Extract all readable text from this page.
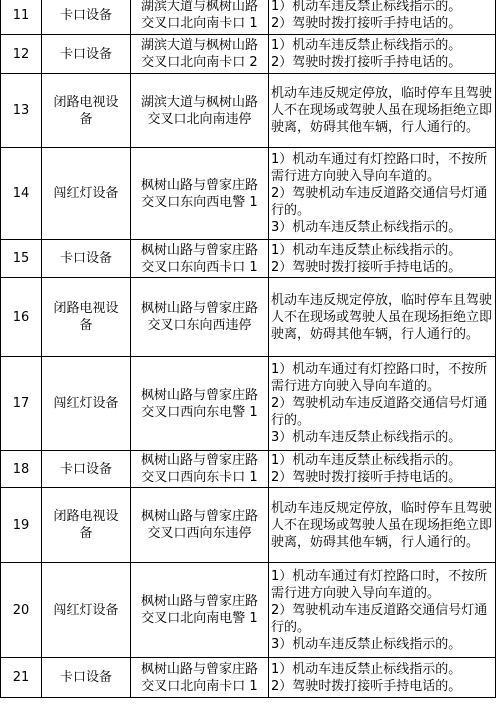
11	卡口设备	湖滨大道与枫树山路
交叉口北向南卡口 1	1）机动车违反禁止标线指示的。
2）驾驶时拨打接听手持电话的。

12	卡口设备	湖滨大道与枫树山路
交叉口北向南卡口 2	1）机动车违反禁止标线指示的。
2）驾驶时拨打接听手持电话的。

13	闭路电视设
备	湖滨大道与枫树山路
交叉口北向南违停	机动车违反规定停放，临时停车且驾驶人不在现场或驾驶人虽在现场拒绝立即驶离，妨碍其他车辆，行人通行的。

14	闯红灯设备	枫树山路与曾家庄路
交叉口东向西电警 1	1）机动车通过有灯控路口时，不按所需行进方向驶入导向车道的。
2）驾驶机动车违反道路交通信号灯通行的。
3）机动车违反禁止标线指示的。

15	卡口设备	枫树山路与曾家庄路
交叉口东向西卡口 1	1）机动车违反禁止标线指示的。
2）驾驶时拨打接听手持电话的。

16	闭路电视设
备	枫树山路与曾家庄路
交叉口东向西违停	机动车违反规定停放，临时停车且驾驶人不在现场或驾驶人虽在现场拒绝立即驶离，妨碍其他车辆，行人通行的。

17	闯红灯设备	枫树山路与曾家庄路
交叉口西向东电警 1	1）机动车通过有灯控路口时，不按所需行进方向驶入导向车道的。
2）驾驶机动车违反道路交通信号灯通行的。
3）机动车违反禁止标线指示的。

18	卡口设备	枫树山路与曾家庄路
交叉口西向东卡口 1	1）机动车违反禁止标线指示的。
2）驾驶时拨打接听手持电话的。

19	闭路电视设
备	枫树山路与曾家庄路
交叉口西向东违停	机动车违反规定停放，临时停车且驾驶人不在现场或驾驶人虽在现场拒绝立即驶离，妨碍其他车辆，行人通行的。

20	闯红灯设备	枫树山路与曾家庄路
交叉口北向南电警 1	1）机动车通过有灯控路口时，不按所需行进方向驶入导向车道的。
2）驾驶机动车违反道路交通信号灯通行的。
3）机动车违反禁止标线指示的。

21	卡口设备	枫树山路与曾家庄路
交叉口北向南卡口 1	1）机动车违反禁止标线指示的。
2）驾驶时拨打接听手持电话的。
